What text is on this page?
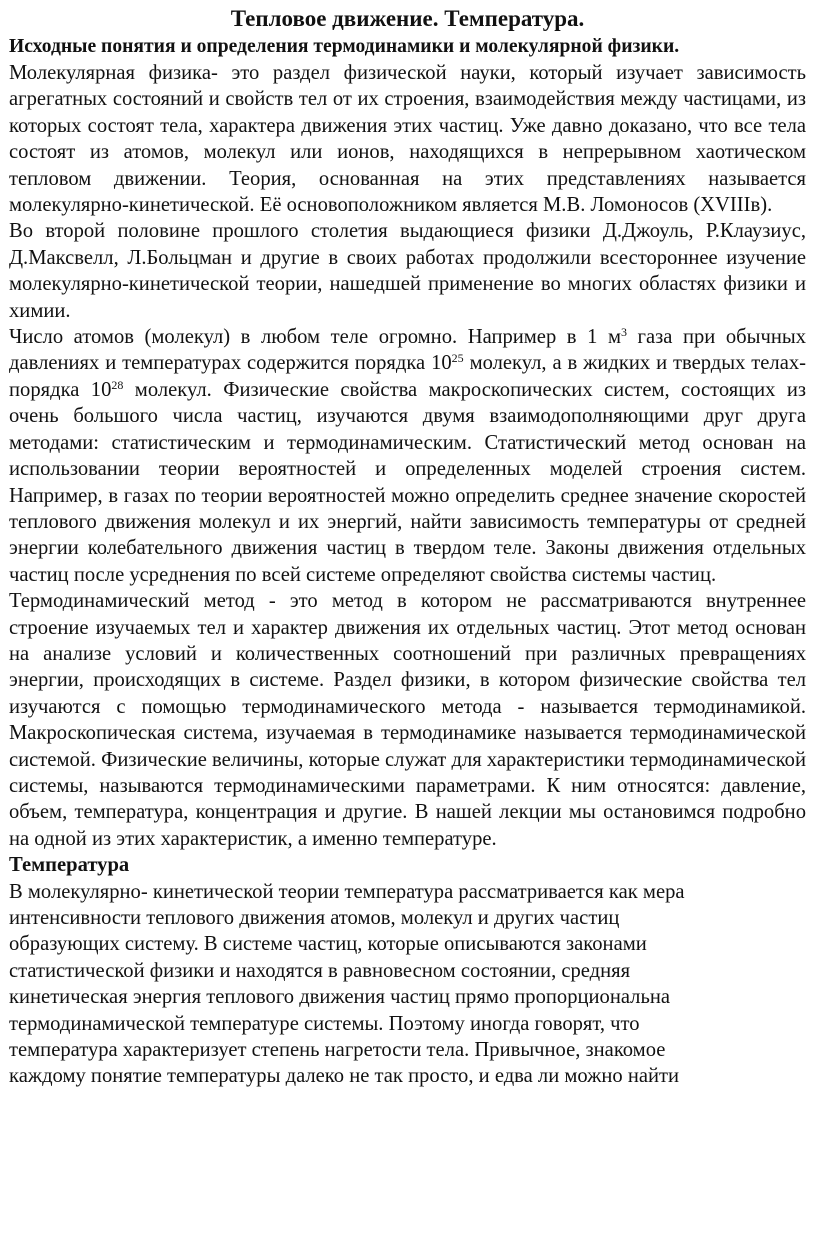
Тепловое движение. Температура.
Исходные понятия и определения термодинамики и молекулярной физики.

Молекулярная физика- это раздел физической науки, который изучает зависимость агрегатных состояний и свойств тел от их строения, взаимодействия между частицами, из которых состоят тела, характера движения этих частиц. Уже давно доказано, что все тела состоят из атомов, молекул или ионов, находящихся в непрерывном хаотическом тепловом движении. Теория, основанная на этих представлениях называется молекулярно-кинетической. Её основоположником является М.В. Ломоносов (XVIIIв).

Во второй половине прошлого столетия выдающиеся физики Д.Джоуль, Р.Клаузиус, Д.Максвелл, Л.Больцман и другие в своих работах продолжили всестороннее изучение молекулярно-кинетической теории, нашедшей применение во многих областях физики и химии.

Число атомов (молекул) в любом теле огромно. Например в 1 $м^3$ газа при обычных давлениях и температурах содержится порядка $10^{25}$ молекул, а в жидких и твердых телах- порядка $10^{28}$ молекул. Физические свойства макроскопических систем, состоящих из очень большого числа частиц, изучаются двумя взаимодополняющими друг друга методами: статистическим и термодинамическим. Статистический метод основан на использовании теории вероятностей и определенных моделей строения систем. Например, в газах по теории вероятностей можно определить среднее значение скоростей теплового движения молекул и их энергий, найти зависимость температуры от средней энергии колебательного движения частиц в твердом теле. Законы движения отдельных частиц после усреднения по всей системе определяют свойства системы частиц.

Термодинамический метод - это метод в котором не рассматриваются внутреннее строение изучаемых тел и характер движения их отдельных частиц. Этот метод основан на анализе условий и количественных соотношений при различных превращениях энергии, происходящих в системе. Раздел физики, в котором физические свойства тел изучаются с помощью термодинамического метода - называется термодинамикой. Макроскопическая система, изучаемая в термодинамике называется термодинамической системой. Физические величины, которые служат для характеристики термодинамической системы, называются термодинамическими параметрами. К ним относятся: давление, объем, температура, концентрация и другие. В нашей лекции мы остановимся подробно на одной из этих характеристик, а именно температуре.

Температура

В молекулярно- кинетической теории температура рассматривается как мера

интенсивности теплового движения атомов, молекул и других частиц

образующих систему. В системе частиц, которые описываются законами

статистической физики и находятся в равновесном состоянии, средняя

кинетическая энергия теплового движения частиц прямо пропорциональна

термодинамической температуре системы. Поэтому иногда говорят, что

температура характеризует степень нагретости тела. Привычное, знакомое

каждому понятие температуры далеко не так просто, и едва ли можно найти
